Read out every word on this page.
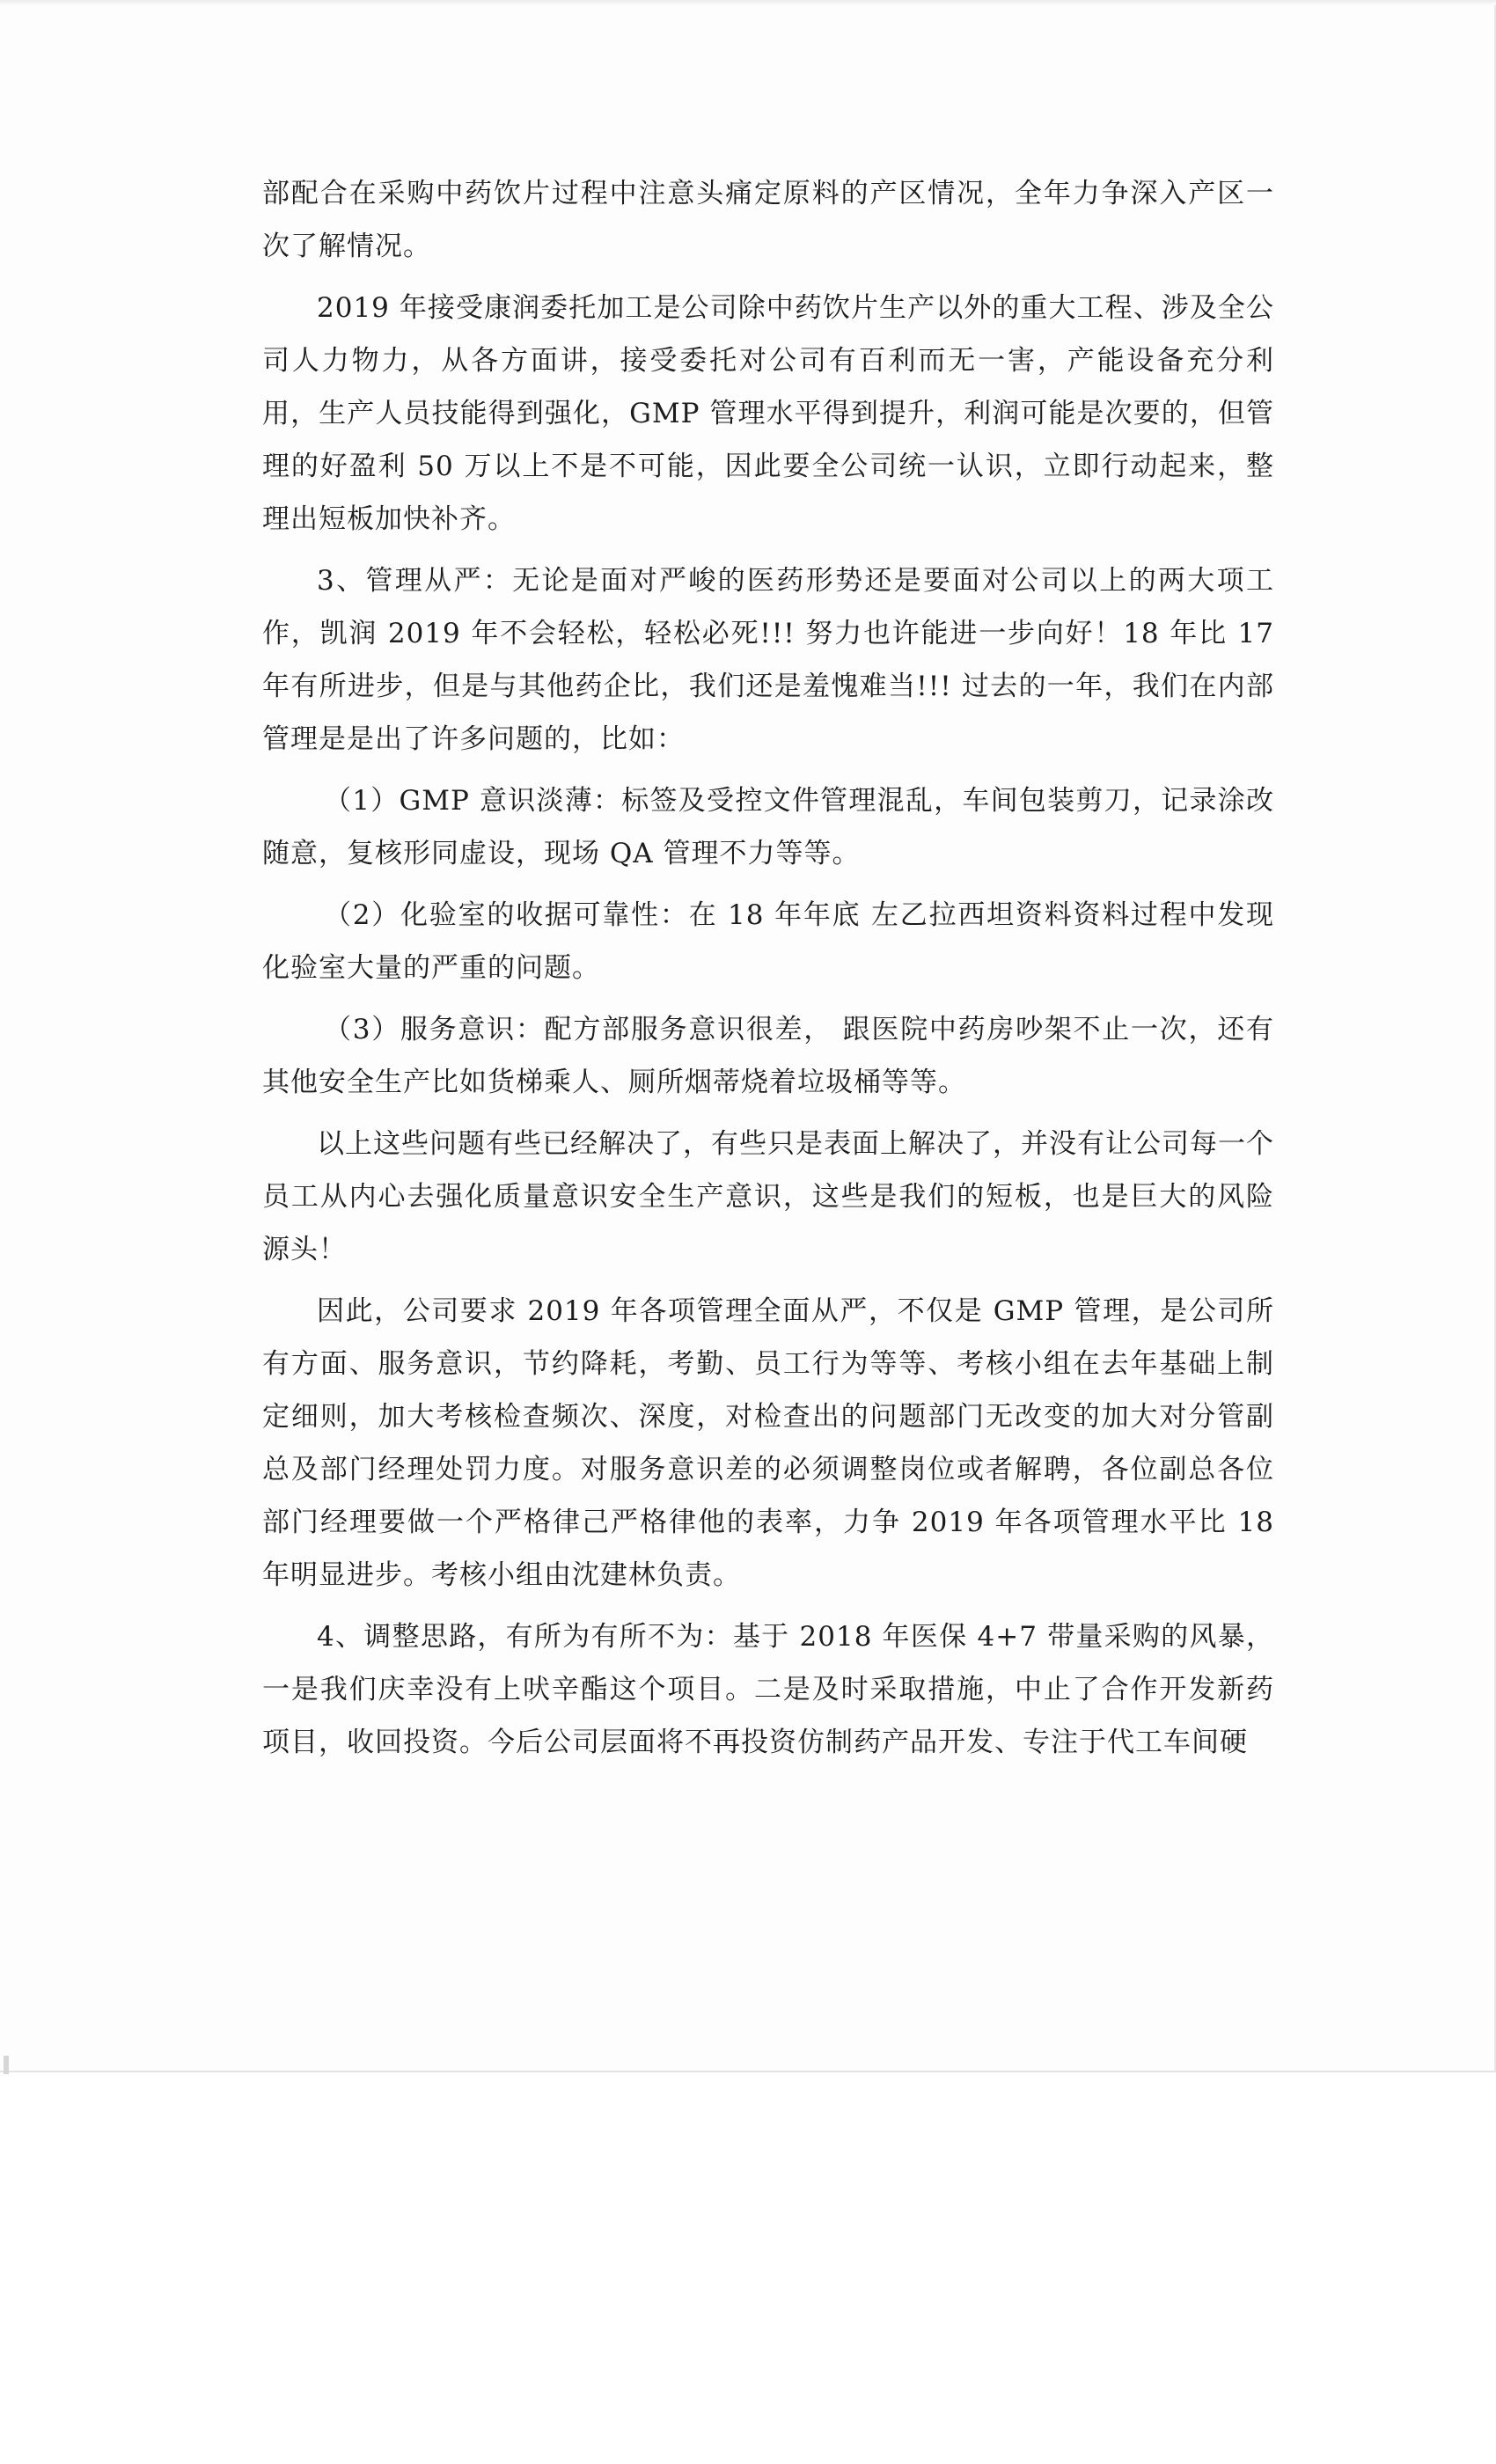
部配合在采购中药饮片过程中注意头痛定原料的产区情况，全年力争深入产区一次了解情况。

2019 年接受康润委托加工是公司除中药饮片生产以外的重大工程、涉及全公司人力物力，从各方面讲，接受委托对公司有百利而无一害，产能设备充分利用，生产人员技能得到强化，GMP 管理水平得到提升，利润可能是次要的，但管理的好盈利 50 万以上不是不可能，因此要全公司统一认识，立即行动起来，整理出短板加快补齐。

3、管理从严：无论是面对严峻的医药形势还是要面对公司以上的两大项工作，凯润 2019 年不会轻松，轻松必死!!! 努力也许能进一步向好！18 年比 17 年有所进步，但是与其他药企比，我们还是羞愧难当!!! 过去的一年，我们在内部管理是是出了许多问题的，比如：

（1）GMP 意识淡薄：标签及受控文件管理混乱，车间包装剪刀，记录涂改随意，复核形同虚设，现场 QA 管理不力等等。

（2）化验室的收据可靠性：在 18 年年底 左乙拉西坦资料资料过程中发现化验室大量的严重的问题。

（3）服务意识：配方部服务意识很差， 跟医院中药房吵架不止一次，还有其他安全生产比如货梯乘人、厕所烟蒂烧着垃圾桶等等。

以上这些问题有些已经解决了，有些只是表面上解决了，并没有让公司每一个员工从内心去强化质量意识安全生产意识，这些是我们的短板，也是巨大的风险源头！

因此，公司要求 2019 年各项管理全面从严，不仅是 GMP 管理，是公司所有方面、服务意识，节约降耗，考勤、员工行为等等、考核小组在去年基础上制定细则，加大考核检查频次、深度，对检查出的问题部门无改变的加大对分管副总及部门经理处罚力度。对服务意识差的必须调整岗位或者解聘，各位副总各位部门经理要做一个严格律己严格律他的表率，力争 2019 年各项管理水平比 18 年明显进步。考核小组由沈建林负责。

4、调整思路，有所为有所不为：基于 2018 年医保 4+7 带量采购的风暴，一是我们庆幸没有上吠辛酯这个项目。二是及时采取措施，中止了合作开发新药项目，收回投资。今后公司层面将不再投资仿制药产品开发、专注于代工车间硬
